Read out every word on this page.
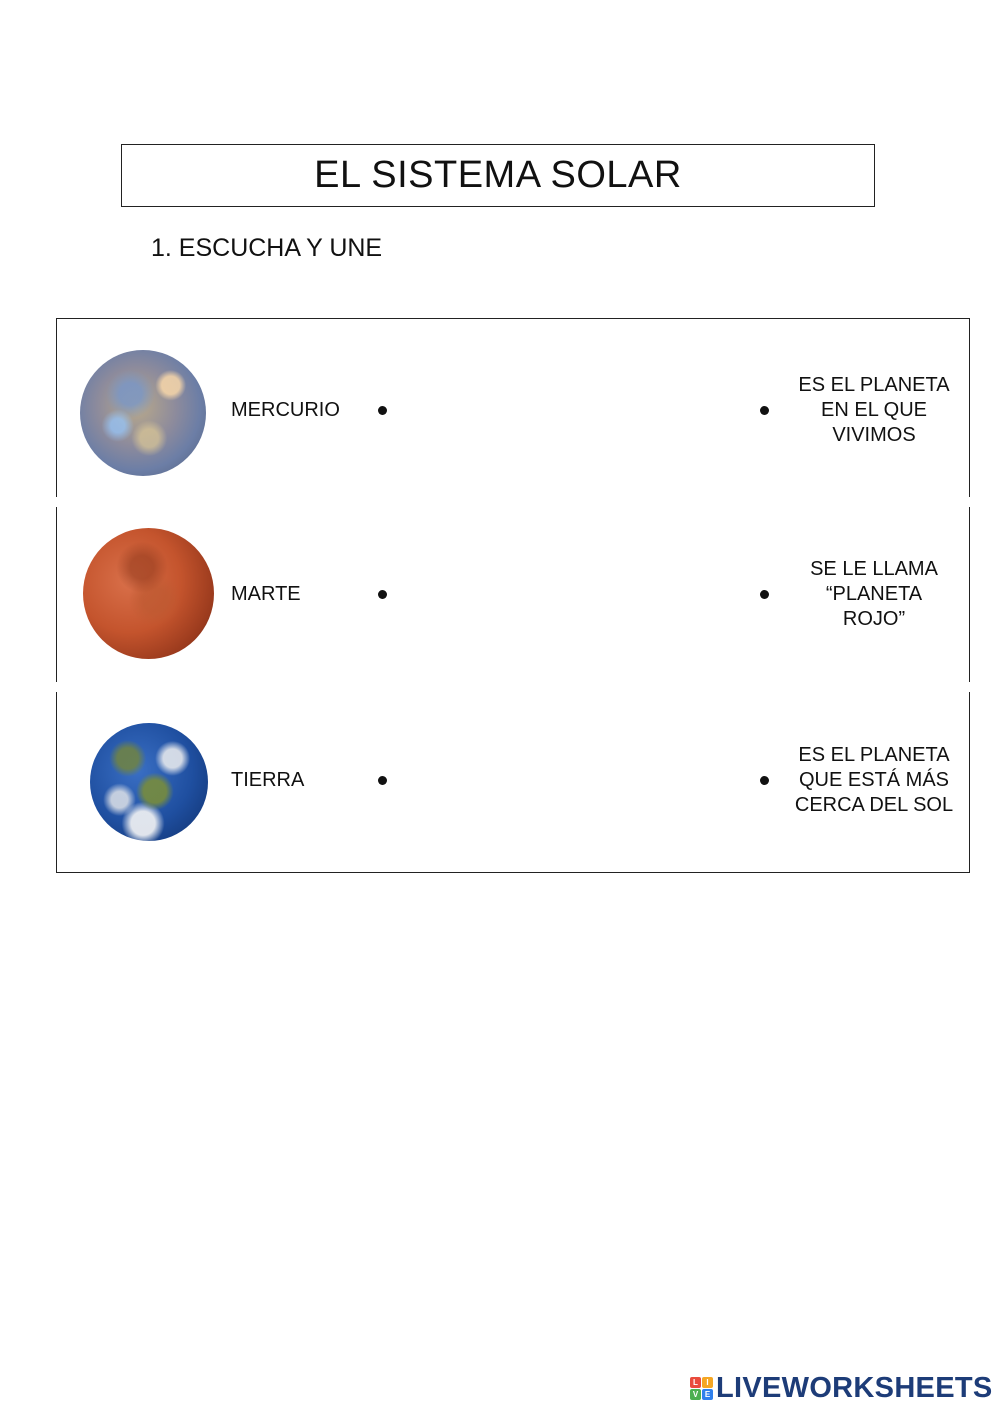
EL SISTEMA SOLAR
1. ESCUCHA Y UNE
MERCURIO
ES EL PLANETA
EN EL QUE
VIVIMOS
MARTE
SE LE LLAMA
“PLANETA
ROJO”
TIERRA
ES EL PLANETA
QUE ESTÁ MÁS
CERCA DEL SOL
L	I
V E LIVEWORKSHEETS
